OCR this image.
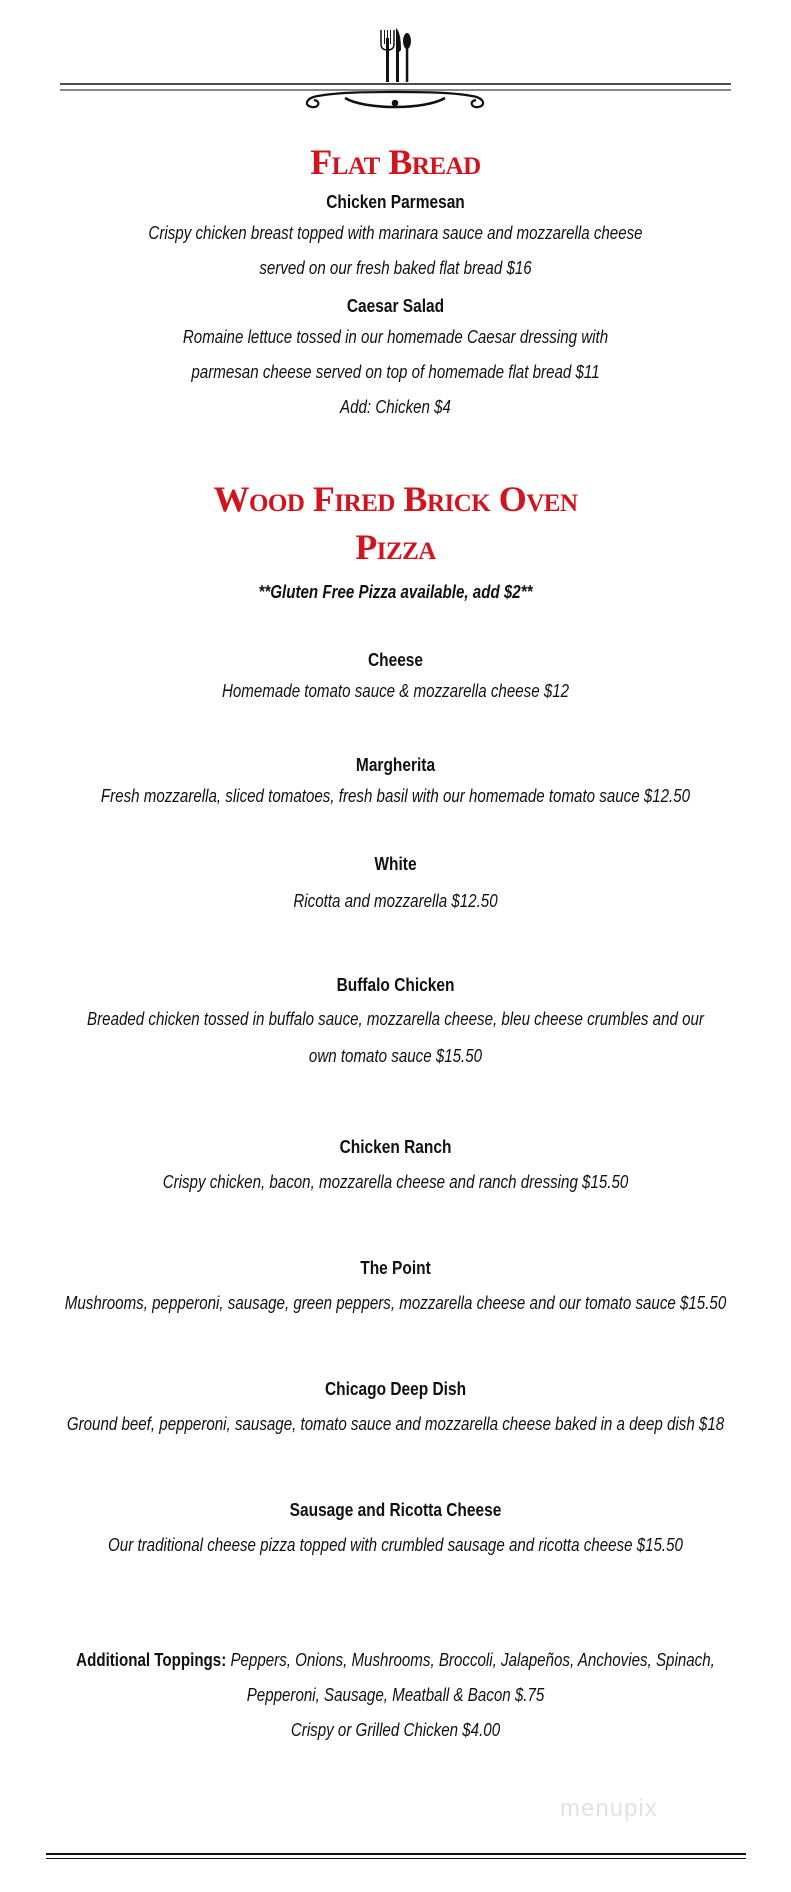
Flat Bread
Chicken Parmesan
Crispy chicken breast topped with marinara sauce and mozzarella cheese
served on our fresh baked flat bread $16
Caesar Salad
Romaine lettuce tossed in our homemade Caesar dressing with
parmesan cheese served on top of homemade flat bread $11
Add: Chicken $4
Wood Fired Brick Oven
Pizza
**Gluten Free Pizza available, add $2**
Cheese
Homemade tomato sauce & mozzarella cheese $12
Margherita
Fresh mozzarella, sliced tomatoes, fresh basil with our homemade tomato sauce $12.50
White
Ricotta and mozzarella $12.50
Buffalo Chicken
Breaded chicken tossed in buffalo sauce, mozzarella cheese, bleu cheese crumbles and our
own tomato sauce $15.50
Chicken Ranch
Crispy chicken, bacon, mozzarella cheese and ranch dressing $15.50
The Point
Mushrooms, pepperoni, sausage, green peppers, mozzarella cheese and our tomato sauce $15.50
Chicago Deep Dish
Ground beef, pepperoni, sausage, tomato sauce and mozzarella cheese baked in a deep dish $18
Sausage and Ricotta Cheese
Our traditional cheese pizza topped with crumbled sausage and ricotta cheese $15.50
Additional Toppings: Peppers, Onions, Mushrooms, Broccoli, Jalapeños, Anchovies, Spinach,
Pepperoni, Sausage, Meatball & Bacon $.75
Crispy or Grilled Chicken $4.00
menupix
